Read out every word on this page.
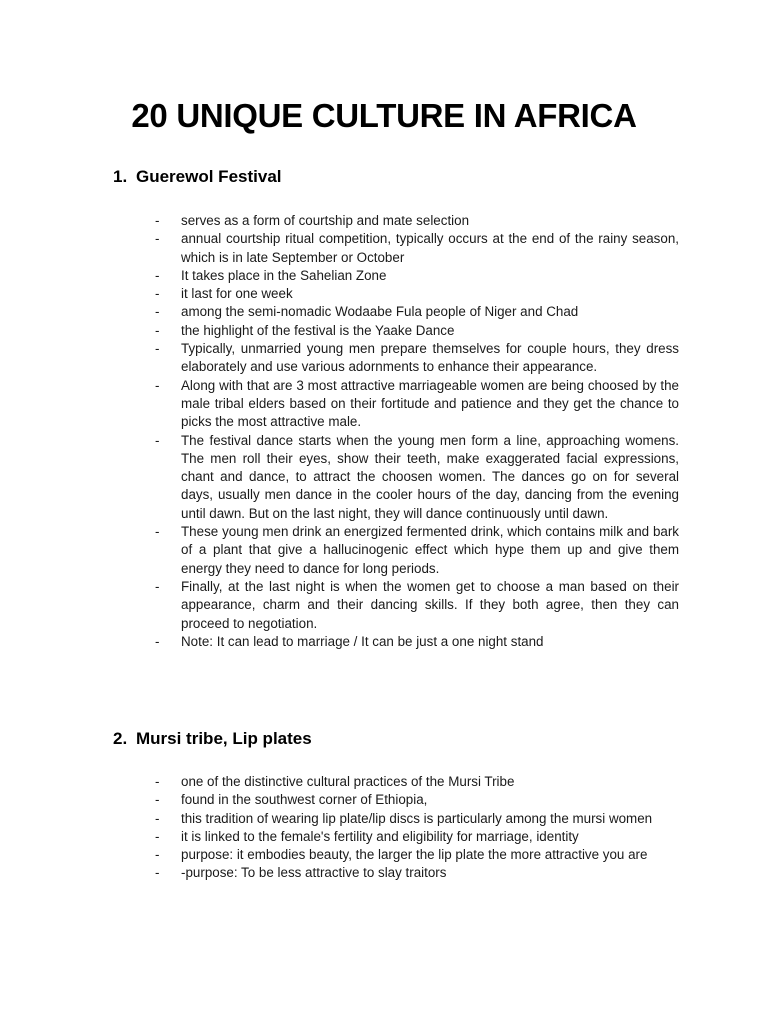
20 UNIQUE CULTURE IN AFRICA
1. Guerewol Festival
- serves as a form of courtship and mate selection
- annual courtship ritual competition, typically occurs at the end of the rainy season, which is in late September or October
- It takes place in the Sahelian Zone
- it last for one week
- among the semi-nomadic Wodaabe Fula people of Niger and Chad
- the highlight of the festival is the Yaake Dance
- Typically, unmarried young men prepare themselves for couple hours, they dress elaborately and use various adornments to enhance their appearance.
- Along with that are 3 most attractive marriageable women are being choosed by the male tribal elders based on their fortitude and patience and they get the chance to picks the most attractive male.
- The festival dance starts when the young men form a line, approaching womens. The men roll their eyes, show their teeth, make exaggerated facial expressions, chant and dance, to attract the choosen women. The dances go on for several days, usually men dance in the cooler hours of the day, dancing from the evening until dawn. But on the last night, they will dance continuously until dawn.
- These young men drink an energized fermented drink, which contains milk and bark of a plant that give a hallucinogenic effect which hype them up and give them energy they need to dance for long periods.
- Finally, at the last night is when the women get to choose a man based on their appearance, charm and their dancing skills. If they both agree, then they can proceed to negotiation.
- Note: It can lead to marriage / It can be just a one night stand
2. Mursi tribe, Lip plates
- one of the distinctive cultural practices of the Mursi Tribe
- found in the southwest corner of Ethiopia,
- this tradition of wearing lip plate/lip discs is particularly among the mursi women
- it is linked to the female's fertility and eligibility for marriage, identity
- purpose: it embodies beauty, the larger the lip plate the more attractive you are
- -purpose: To be less attractive to slay traitors
